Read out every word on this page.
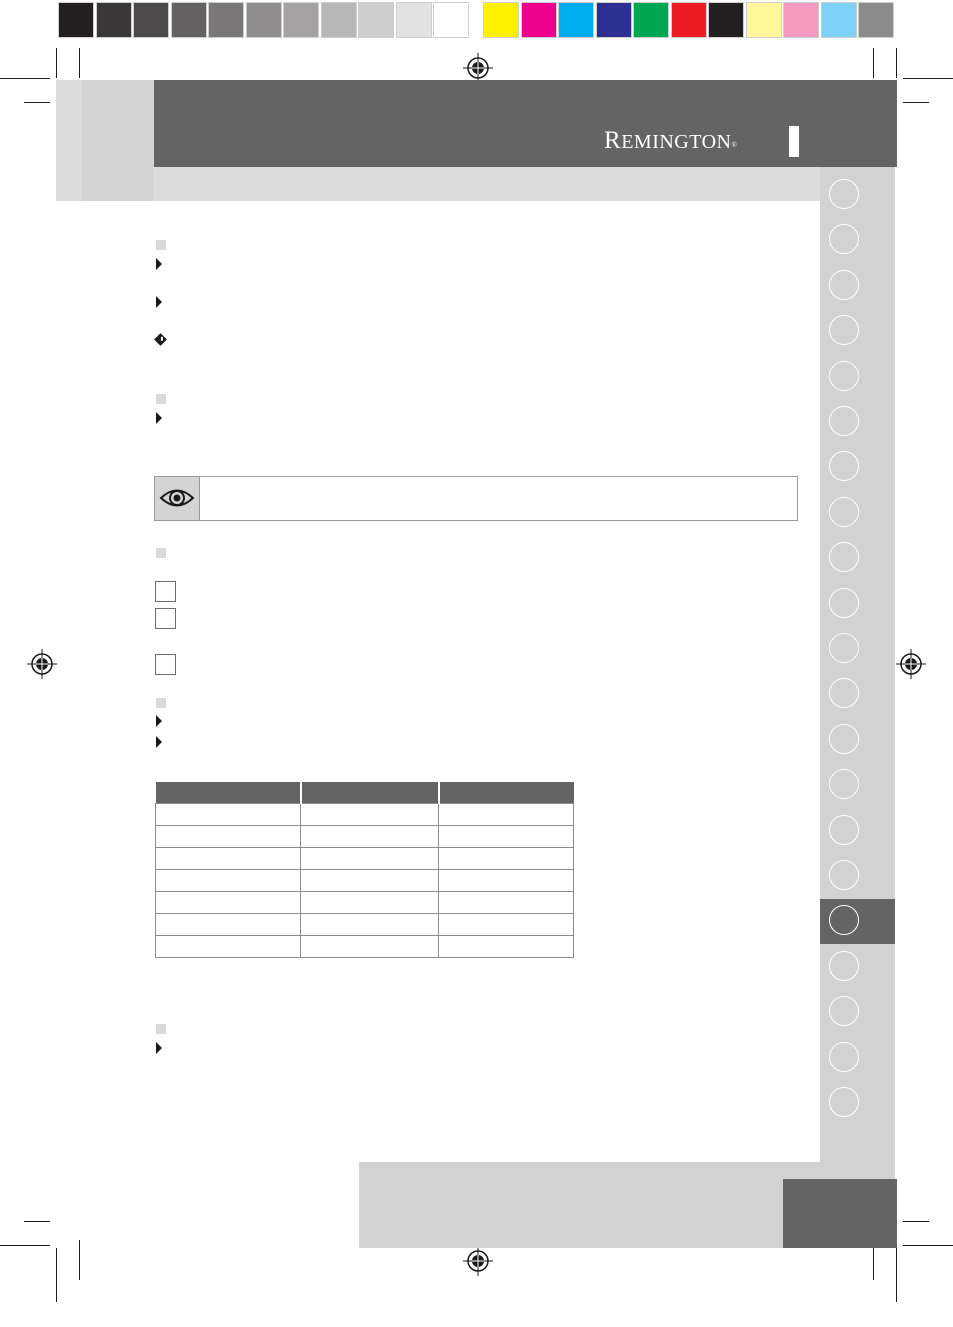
REMINGTON®
